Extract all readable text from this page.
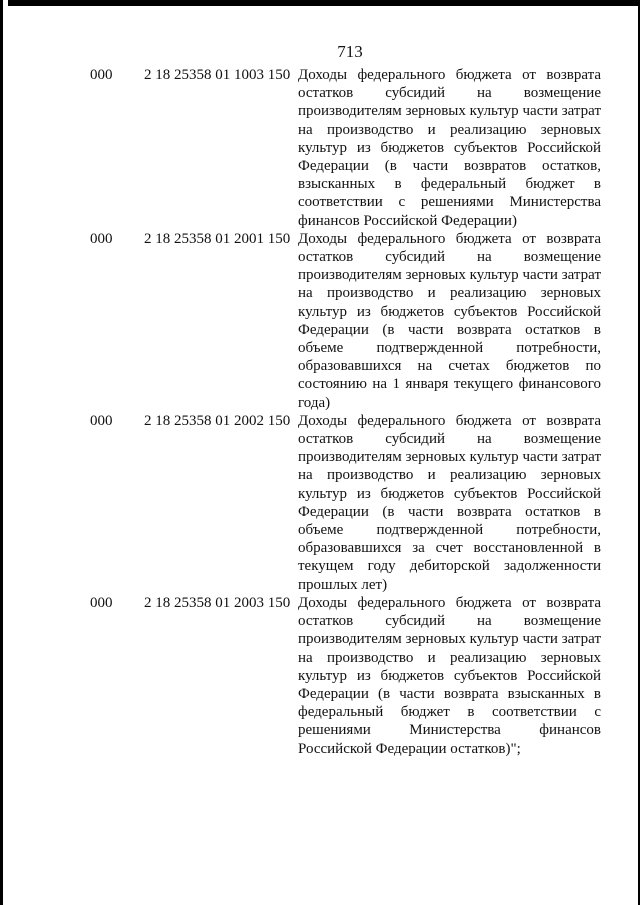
713
000 2 18 25358 01 1003 150 Доходы федерального бюджета от возврата остатков субсидий на возмещение производителям зерновых культур части затрат на производство и реализацию зерновых культур из бюджетов субъектов Российской Федерации (в части возвратов остатков, взысканных в федеральный бюджет в соответствии с решениями Министерства финансов Российской Федерации)
000 2 18 25358 01 2001 150 Доходы федерального бюджета от возврата остатков субсидий на возмещение производителям зерновых культур части затрат на производство и реализацию зерновых культур из бюджетов субъектов Российской Федерации (в части возврата остатков в объеме подтвержденной потребности, образовавшихся на счетах бюджетов по состоянию на 1 января текущего финансового года)
000 2 18 25358 01 2002 150 Доходы федерального бюджета от возврата остатков субсидий на возмещение производителям зерновых культур части затрат на производство и реализацию зерновых культур из бюджетов субъектов Российской Федерации (в части возврата остатков в объеме подтвержденной потребности, образовавшихся за счет восстановленной в текущем году дебиторской задолженности прошлых лет)
000 2 18 25358 01 2003 150 Доходы федерального бюджета от возврата остатков субсидий на возмещение производителям зерновых культур части затрат на производство и реализацию зерновых культур из бюджетов субъектов Российской Федерации (в части возврата взысканных в федеральный бюджет в соответствии с решениями Министерства финансов Российской Федерации остатков)";
